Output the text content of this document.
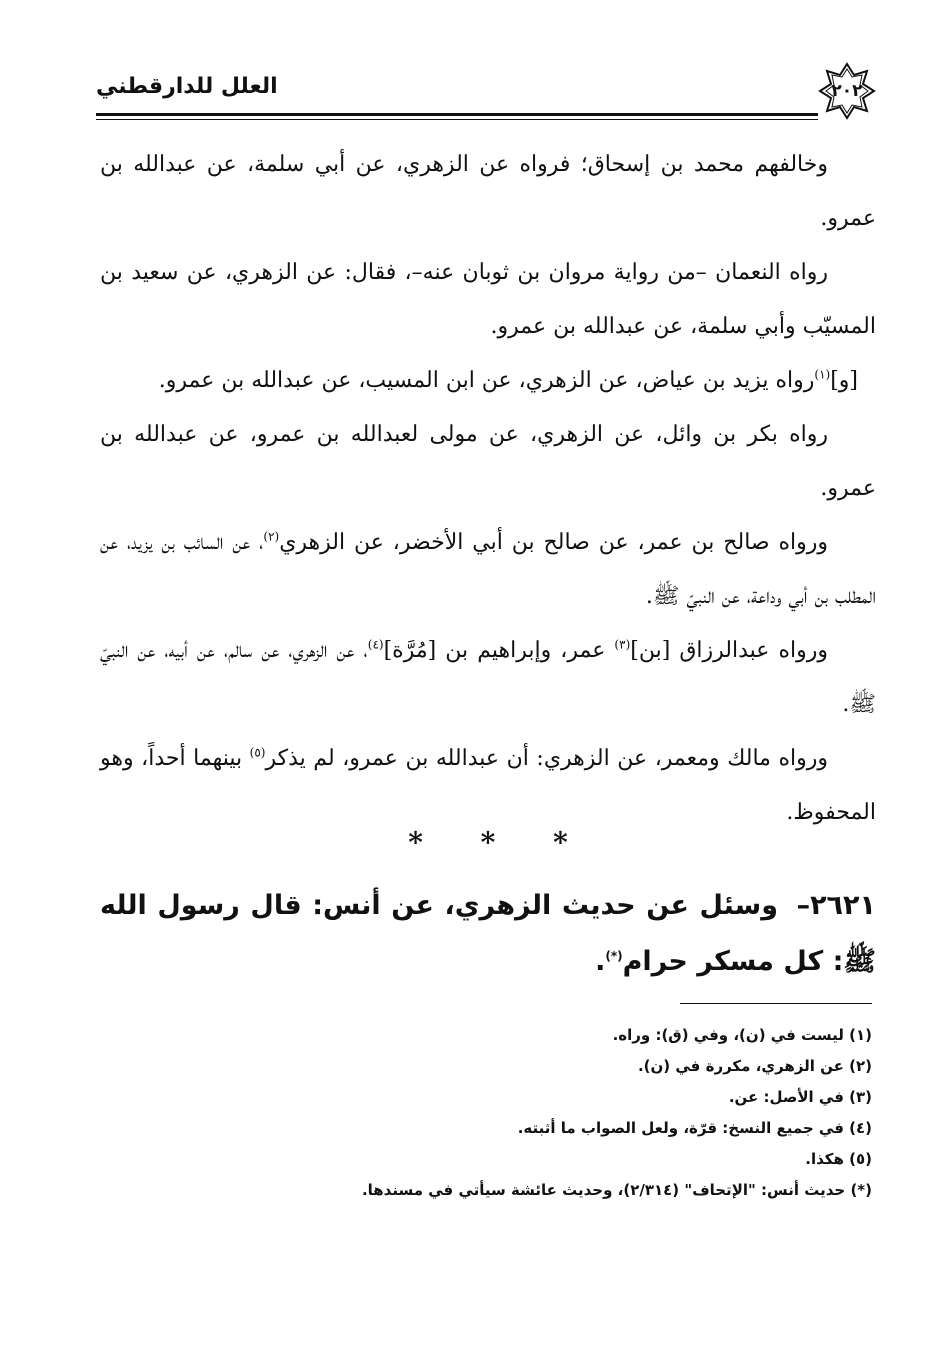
العلل للدارقطني	٢٠٢

وخالفهم محمد بن إسحاق؛ فرواه عن الزهري، عن أبي سلمة، عن عبدالله بن عمرو.

رواه النعمان –من رواية مروان بن ثوبان عنه–، فقال: عن الزهري، عن سعيد بن المسيّب وأبي سلمة، عن عبدالله بن عمرو.

[و]$^{(١)}$رواه يزيد بن عياض، عن الزهري، عن ابن المسيب، عن عبدالله بن عمرو.

رواه بكر بن وائل، عن الزهري، عن مولى لعبدالله بن عمرو، عن عبدالله بن عمرو.

ورواه صالح بن عمر، عن صالح بن أبي الأخضر، عن الزهري$^{(٢)}$، عن السائب بن يزيد، عن المطلب بن أبي وداعة، عن النبيّ ﷺ.

ورواه عبدالرزاق [بن]$^{(٣)}$ عمر، وإبراهيم بن [مُرَّة]$^{(٤)}$، عن الزهري، عن سالم، عن أبيه، عن النبيّ ﷺ.

ورواه مالك ومعمر، عن الزهري: أن عبدالله بن عمرو، لم يذكر$^{(٥)}$ بينهما أحداً، وهو المحفوظ.

* * *
٢٦٢١– وسئل عن حديث الزهري، عن أنس: قال رسول الله ﷺ: كل مسكر حرام(*).
(١) ليست في (ن)، وفي (ق): وراه.
(٢) عن الزهري، مكررة في (ن).
(٣) في الأصل: عن.
(٤) في جميع النسخ: قرّة، ولعل الصواب ما أثبته.
(٥) هكذا.
(*) حديث أنس: "الإتحاف" (٢/٣١٤)، وحديث عائشة سيأتي في مسندها.
